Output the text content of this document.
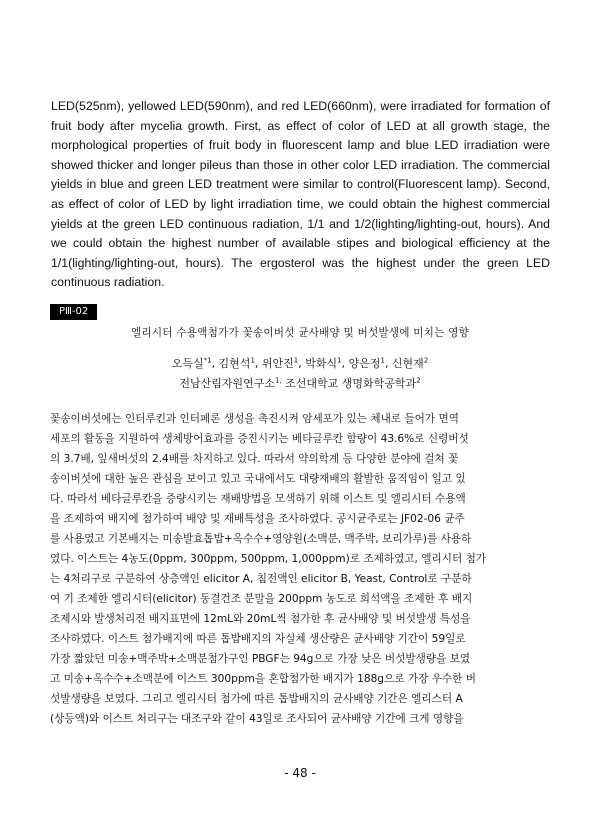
LED(525nm), yellowed LED(590nm), and red LED(660nm), were irradiated for formation of fruit body after mycelia growth. First, as effect of color of LED at all growth stage, the morphological properties of fruit body in fluorescent lamp and blue LED irradiation were showed thicker and longer pileus than those in other color LED irradiation. The commercial yields in blue and green LED treatment were similar to control(Fluorescent lamp). Second, as effect of color of LED by light irradiation time, we could obtain the highest commercial yields at the green LED continuous radiation, 1/1 and 1/2(lighting/lighting-out, hours). And we could obtain the highest number of available stipes and biological efficiency at the 1/1(lighting/lighting-out, hours). The ergosterol was the highest under the green LED continuous radiation.

PⅢ-02

엘리시터 수용액첨가가 꽃송이버섯 균사배양 및 버섯발생에 미치는 영향

오득실$^{*1}$, 김현석$^1$, 위안진$^1$, 박화식$^1$, 양은정$^1$, 신현재$^2$

전남산림자원연구소$^{1,}$ 조선대학교 생명화학공학과$^2$

꽃송이버섯에는 인터루킨과 인터페론 생성을 촉진시켜 암세포가 있는 체내로 들어가 면역
세포의 활동을 지원하여 생체방어효과를 증진시키는 베타글루칸 함량이 43.6%로 신령버섯
의 3.7배, 잎새버섯의 2.4배를 차지하고 있다. 따라서 약의학계 등 다양한 분야에 걸쳐 꽃
송이버섯에 대한 높은 관심을 보이고 있고 국내에서도 대량재배의 활발한 움직임이 일고 있
다. 따라서 베타글루칸을 증량시키는 재배방법을 모색하기 위해 이스트 및 엘리시터 수용액
을 조제하여 배지에 첨가하여 배양 및 재배특성을 조사하였다. 공시균주로는 JF02-06 균주
를 사용였고 기본배지는 미송발효톱밥+옥수수+영양원(소맥분, 맥주박, 보리가루)를 사용하
였다. 이스트는 4농도(0ppm, 300ppm, 500ppm, 1,000ppm)로 조제하였고, 엘리시터 첨가
는 4처리구로 구분하여 상층액인 elicitor A, 침전액인 elicitor B, Yeast, Control로 구분하
여 기 조제한 엘리시터(elicitor) 동결건조 분말을 200ppm 농도로 희석액을 조제한 후 배지
조제시와 발생처리전 배지표면에 12mL와 20mL씩 첨가한 후 균사배양 및 버섯발생 특성을
조사하였다. 이스트 첨가배지에 따른 톱밥배지의 자실체 생산량은 균사배양 기간이 59일로
가장 짧았던 미송+맥주박+소맥분첨가구인 PBGF는 94g으로 가장 낮은 버섯발생량을 보였
고 미송+옥수수+소맥분에 이스트 300ppm을 혼합첨가한 배지가 188g으로 가장 우수한 버
섯발생량을 보였다. 그리고 엘리시터 첨가에 따른 톱밥배지의 균사배양 기간은 엘리스터 A
(상등액)와 이스트 처리구는 대조구와 같이 43일로 조사되어 균사배양 기간에 크게 영향을

- 48 -
